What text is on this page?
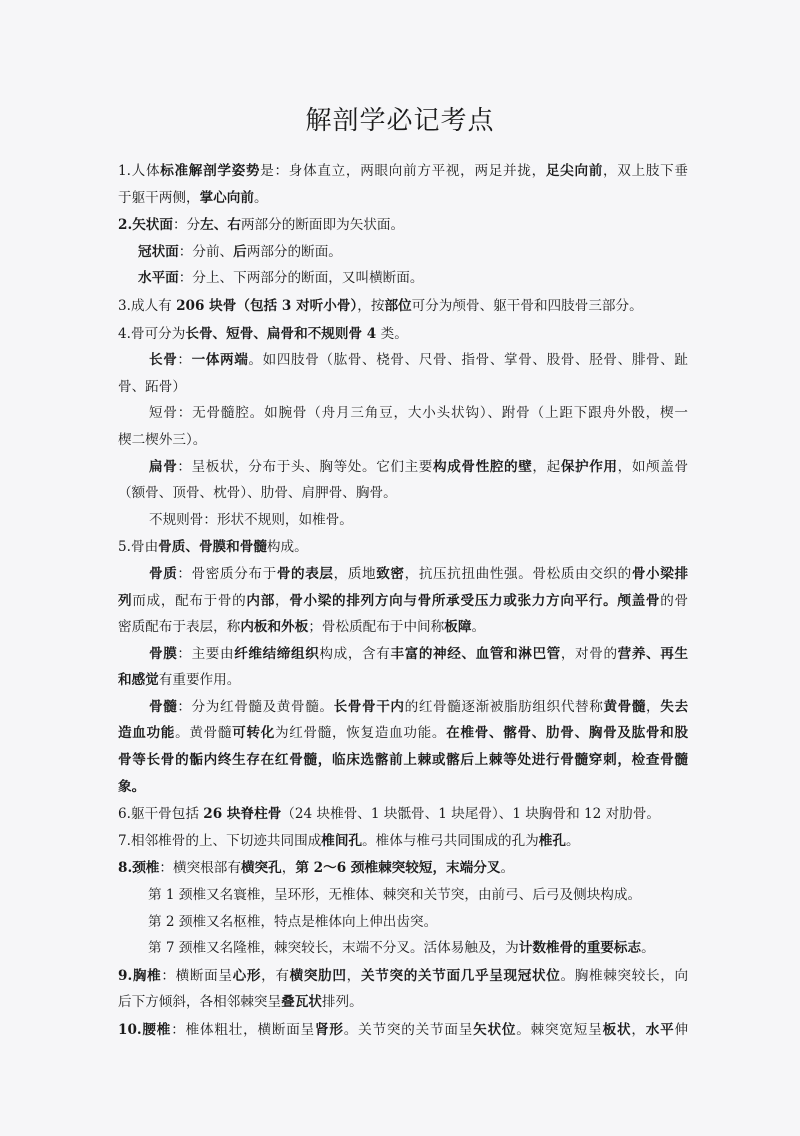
解剖学必记考点
1.人体标准解剖学姿势是：身体直立，两眼向前方平视，两足并拢，足尖向前，双上肢下垂
于躯干两侧，掌心向前。
2.矢状面：分左、右两部分的断面即为矢状面。
冠状面：分前、后两部分的断面。
水平面：分上、下两部分的断面，又叫横断面。
3.成人有 206 块骨（包括 3 对听小骨），按部位可分为颅骨、躯干骨和四肢骨三部分。
4.骨可分为长骨、短骨、扁骨和不规则骨 4 类。
长骨：一体两端。如四肢骨（肱骨、桡骨、尺骨、指骨、掌骨、股骨、胫骨、腓骨、趾
骨、跖骨）
短骨：无骨髓腔。如腕骨（舟月三角豆，大小头状钩）、跗骨（上距下跟舟外骰，楔一
楔二楔外三）。
扁骨：呈板状，分布于头、胸等处。它们主要构成骨性腔的壁，起保护作用，如颅盖骨
（额骨、顶骨、枕骨）、肋骨、肩胛骨、胸骨。
不规则骨：形状不规则，如椎骨。
5.骨由骨质、骨膜和骨髓构成。
骨质：骨密质分布于骨的表层，质地致密，抗压抗扭曲性强。骨松质由交织的骨小梁排
列而成，配布于骨的内部，骨小梁的排列方向与骨所承受压力或张力方向平行。颅盖骨的骨
密质配布于表层，称内板和外板；骨松质配布于中间称板障。
骨膜：主要由纤维结缔组织构成，含有丰富的神经、血管和淋巴管，对骨的营养、再生
和感觉有重要作用。
骨髓：分为红骨髓及黄骨髓。长骨骨干内的红骨髓逐渐被脂肪组织代替称黄骨髓，失去
造血功能。黄骨髓可转化为红骨髓，恢复造血功能。在椎骨、髂骨、肋骨、胸骨及肱骨和股
骨等长骨的骺内终生存在红骨髓，临床选髂前上棘或髂后上棘等处进行骨髓穿刺，检查骨髓
象。
6.躯干骨包括 26 块脊柱骨（24 块椎骨、1 块骶骨、1 块尾骨）、1 块胸骨和 12 对肋骨。
7.相邻椎骨的上、下切迹共同围成椎间孔。椎体与椎弓共同围成的孔为椎孔。
8.颈椎：横突根部有横突孔，第 2～6 颈椎棘突较短，末端分叉。
第 1 颈椎又名寰椎，呈环形，无椎体、棘突和关节突，由前弓、后弓及侧块构成。
第 2 颈椎又名枢椎，特点是椎体向上伸出齿突。
第 7 颈椎又名隆椎，棘突较长，末端不分叉。活体易触及，为计数椎骨的重要标志。
9.胸椎：横断面呈心形，有横突肋凹，关节突的关节面几乎呈现冠状位。胸椎棘突较长，向
后下方倾斜，各相邻棘突呈叠瓦状排列。
10.腰椎：椎体粗壮，横断面呈肾形。关节突的关节面呈矢状位。棘突宽短呈板状，水平伸
